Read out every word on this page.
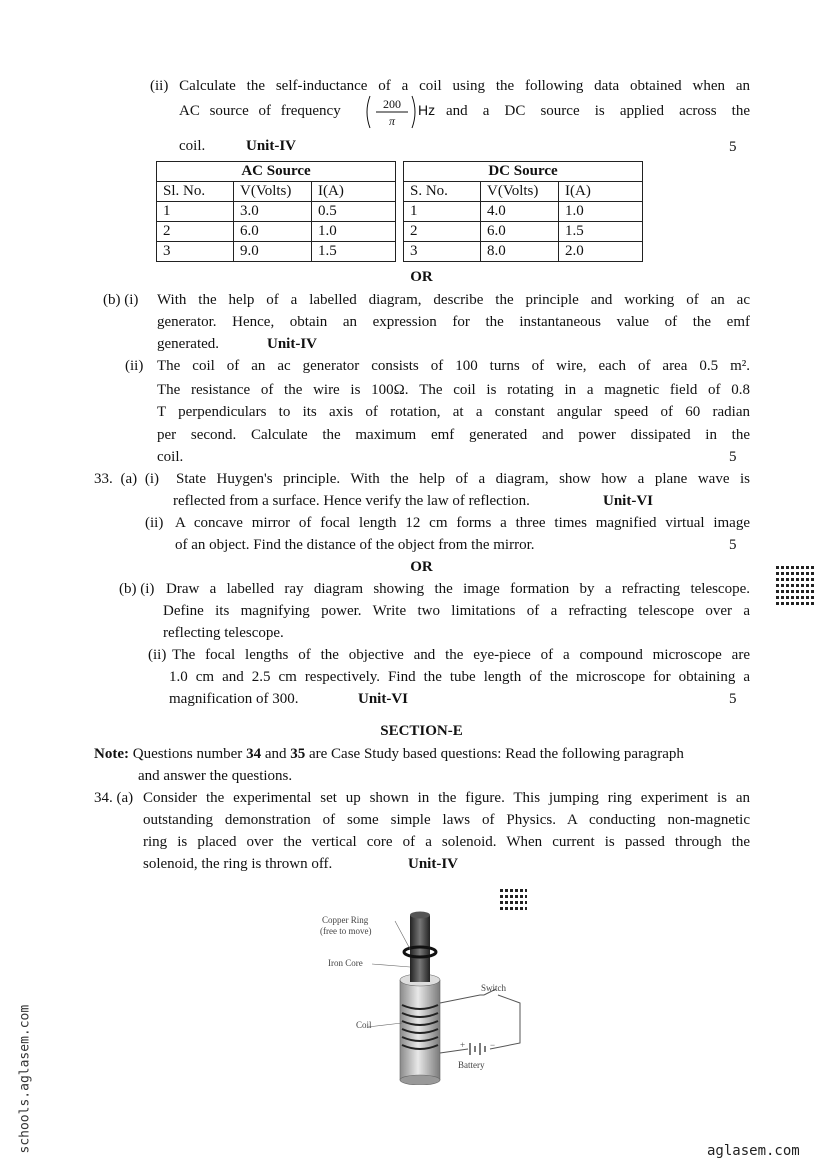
(ii) Calculate the self-inductance of a coil using the following data obtained when an
AC source of frequency	200
π
Hz and a DC source is applied across the
coil.	Unit-IV	5
AC Source		
Sl. No.	V(Volts)	I(A)
1	3.0	0.5
2	6.0	1.0
3	9.0	1.5
DC Source		
S. No.	V(Volts)	I(A)
1	4.0	1.0
2	6.0	1.5
3	8.0	2.0
OR
(b) (i) With the help of a labelled diagram, describe the principle and working of an ac
generator. Hence, obtain an expression for the instantaneous value of the emf
generated.	Unit-IV
(ii) The coil of an ac generator consists of 100 turns of wire, each of area 0.5 m².
The resistance of the wire is 100Ω. The coil is rotating in a magnetic field of 0.8
T perpendiculars to its axis of rotation, at a constant angular speed of 60 radian
per second. Calculate the maximum emf generated and power dissipated in the
coil.	5
33. (a) (i) State Huygen's principle. With the help of a diagram, show how a plane wave is
reflected from a surface. Hence verify the law of reflection.	Unit-VI
(ii) A concave mirror of focal length 12 cm forms a three times magnified virtual image
of an object. Find the distance of the object from the mirror.	5
OR
(b) (i) Draw a labelled ray diagram showing the image formation by a refracting telescope.
Define its magnifying power. Write two limitations of a refracting telescope over a
reflecting telescope.
(ii) The focal lengths of the objective and the eye-piece of a compound microscope are
1.0 cm and 2.5 cm respectively. Find the tube length of the microscope for obtaining a
magnification of 300.	Unit-VI	5
SECTION-E
Note: Questions number 34 and 35 are Case Study based questions: Read the following paragraph
and answer the questions.
34. (a) Consider the experimental set up shown in the figure. This jumping ring experiment is an
outstanding demonstration of some simple laws of Physics. A conducting non-magnetic
ring is placed over the vertical core of a solenoid. When current is passed through the
solenoid, the ring is thrown off.	Unit-IV
Copper Ring
(free to move)
Iron Core
Coil
Switch
+	−
Battery
schools.aglasem.com	aglasem.com
